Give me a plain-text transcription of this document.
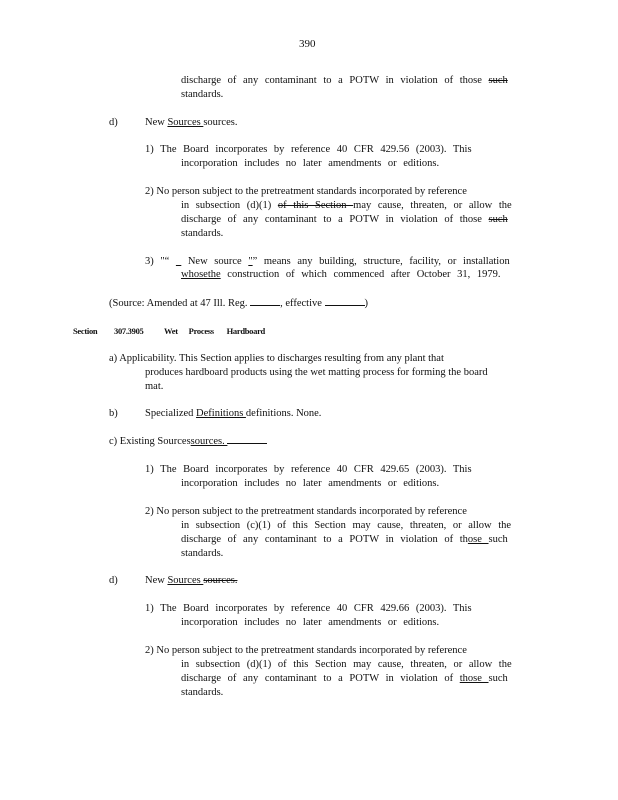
390
discharge of any contaminant to a POTW in violation of those such
standards.
d)	New Sources sources.
1) The Board incorporates by reference 40 CFR 429.56 (2003). This
incorporation includes no later amendments or editions.
2) No person subject to the pretreatment standards incorporated by reference
in subsection (d)(1) of this Section may cause, threaten, or allow the
discharge of any contaminant to a POTW in violation of those such
standards.
3) "“ _ New source "” means any building, structure, facility, or installation
whosethe construction of which commenced after October 31, 1979.
(Source: Amended at 47 Ill. Reg.	, effective	)
Section 307.3905 Wet      Process       Hardboard
a) Applicability. This Section applies to discharges resulting from any plant that
produces hardboard products using the wet matting process for forming the board
mat.
b)	Specialized Definitions definitions. None.
c) Existing Sourcessources.
1) The Board incorporates by reference 40 CFR 429.65 (2003). This
incorporation includes no later amendments or editions.
2) No person subject to the pretreatment standards incorporated by reference
in subsection (c)(1) of this Section may cause, threaten, or allow the
discharge of any contaminant to a POTW in violation of those such
standards.
d)	New Sources sources.
1) The Board incorporates by reference 40 CFR 429.66 (2003). This
incorporation includes no later amendments or editions.
2) No person subject to the pretreatment standards incorporated by reference
in subsection (d)(1) of this Section may cause, threaten, or allow the
discharge of any contaminant to a POTW in violation of those such
standards.
